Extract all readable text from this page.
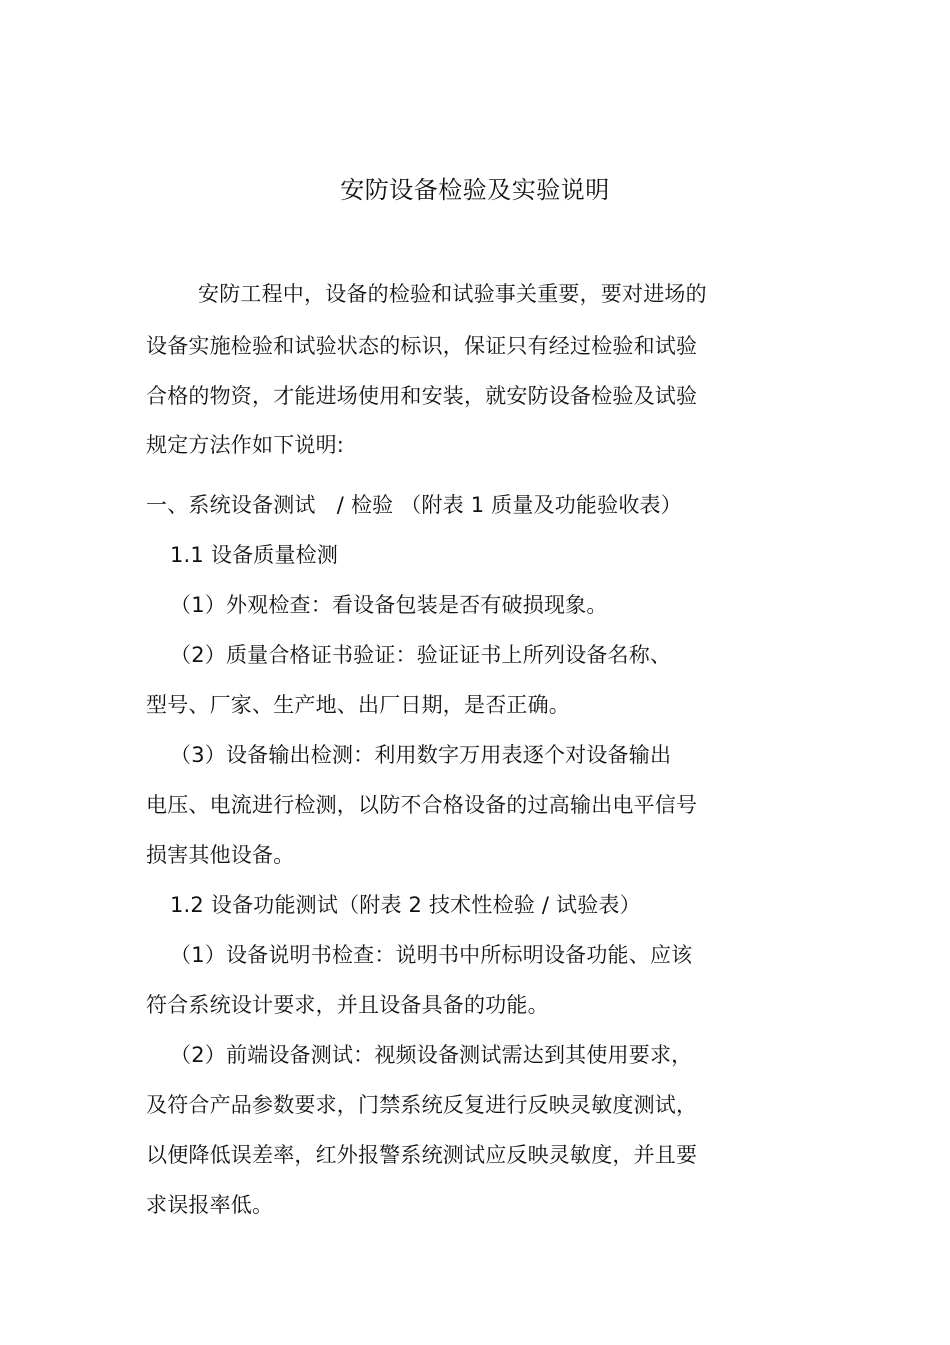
安防设备检验及实验说明
安防工程中，设备的检验和试验事关重要，要对进场的
设备实施检验和试验状态的标识，保证只有经过检验和试验
合格的物资，才能进场使用和安装，就安防设备检验及试验
规定方法作如下说明:
一、系统设备测试　/ 检验 （附表 1 质量及功能验收表）
1.1 设备质量检测
（1）外观检查：看设备包装是否有破损现象。
（2）质量合格证书验证：验证证书上所列设备名称、
型号、厂家、生产地、出厂日期，是否正确。
（3）设备输出检测：利用数字万用表逐个对设备输出
电压、电流进行检测，以防不合格设备的过高输出电平信号
损害其他设备。
1.2 设备功能测试（附表 2 技术性检验 / 试验表）
（1）设备说明书检查：说明书中所标明设备功能、应该
符合系统设计要求，并且设备具备的功能。
（2）前端设备测试：视频设备测试需达到其使用要求，
及符合产品参数要求，门禁系统反复进行反映灵敏度测试，
以便降低误差率，红外报警系统测试应反映灵敏度，并且要
求误报率低。
